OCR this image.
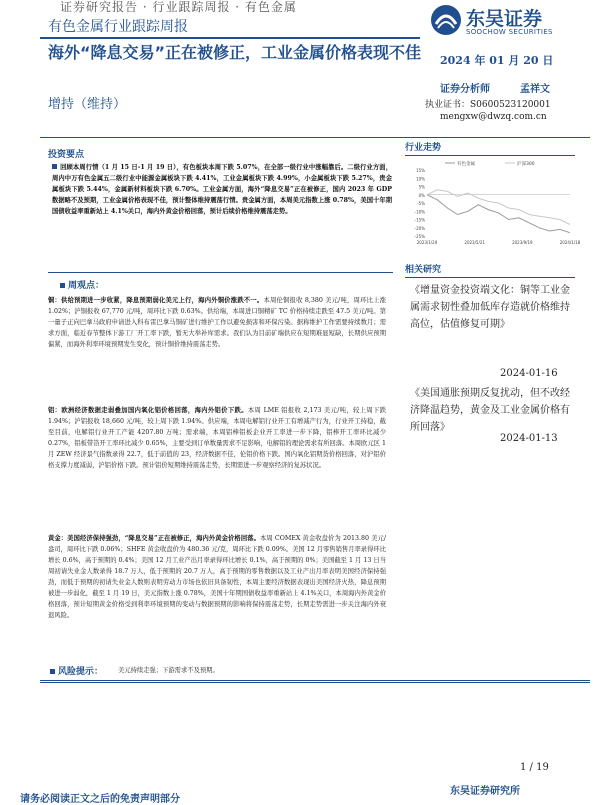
证券研究报告 · 行业跟踪周报 · 有色金属
东吴证券
SOOCHOW SECURITIES
有色金属行业跟踪周报
海外“降息交易”正在被修正，工业金属价格表现不佳	2024 年 01 月 20 日
增持（维持）
证券分析师	孟祥文
执业证书：S0600523120001
mengxw@dwzq.com.cn
投资要点
回顾本周行情（1 月 15 日-1 月 19 日），有色板块本周下跌 5.07%，在全部一级行业中涨幅靠后。二级行业方面，周内中万有色金属五二级行业中能源金属板块下跌 4.41%，工业金属板块下跌 4.99%，小金属板块下跌 5.27%，贵金属板块下跌 5.44%，金属新材料板块下跌 6.70%。工业金属方面，海外“降息交易”正在被修正，国内 2023 年 GDP 数据略不及预期，工业金属价格表现不佳，预计整体维持震荡行情。贵金属方面，本周美元指数上涨 0.78%，美国十年期国债收益率重新站上 4.1%关口，海内外黄金价格回落，预计后续价格维持震荡走势。
周观点：
铜：供给预期进一步收紧，降息预期弱化美元上行，海内外铜价涨跌不一。本周伦铜报收 8,380 美元/吨，周环比上涨 1.02%；沪铜报收 67,770 元/吨，周环比下跌 0.63%。供给端，本周进口铜精矿 TC 价格持续走跌至 47.5 美元/吨。第一量子正向巴拿马政府申请进入科布雷巴拿马铜矿进行维护工作以避免损害和环保污染。据称维护工作需要持续数月；需求方面，临近春节整体下游工厂开工率下跌，暂无大举补库需求。我们认为目前矿端供应在短期难显短缺，长期供应预期偏紧，而海外利率环境预期发生变化，预计铜价维持震荡走势。
铝：欧洲经济数据走弱叠加国内氧化铝价格回落，海内外铝价下跌。本周 LME 铝报收 2,173 美元/吨，较上周下跌 1.94%；沪铝报收 18,660 元/吨，较上周下跌 1.94%。供应端，本周电解铝行业开工有增减产行为，行业开工持稳，截至目前，电解铝行业开工产能 4207.80 万吨；需求端，本周铝棒铝板企业开工率进一步下降，铝棒开工率环比减少 0.27%，铝板带箔开工率环比减少 0.65%，主要受到订单数量需求不足影响，电解铝的理论需求有所回落。本周欧元区 1 月 ZEW 经济景气指数录得 22.7，低于前值的 23，经济数据不佳，伦铝价格下跌。国内氧化铝期货价格回落，对沪铝价格支撑力度减弱，沪铝价格下跌。预计铝价短期维持震荡走势，长期需进一步观察经济的复苏状况。
黄金：美国经济保持强劲，“降息交易”正在被修正，海内外黄金价格回落。本周 COMEX 黄金收盘价为 2013.80 美元/盎司，周环比下跌 0.06%；SHFE 黄金收盘价为 480.36 元/克，周环比下跌 0.09%。美国 12 月零售销售月率录得环比增长 0.6%，高于预期的 0.4%；美国 12 月工业产出月率录得环比增长 0.1%，高于预期的 0%；美国截至 1 月 13 日当周初请失业金人数录得 18.7 万人，低于预期的 20.7 万人，高于预期的零售数据以及工业产出月率表明美国经济保持强劲，而低于预期的初请失业金人数则表明劳动力市场也依旧具备韧性，本周主要经济数据表现出美国经济火热，降息预期被进一步弱化，截至 1 月 19 日，美元指数上涨 0.78%，美国十年期国债收益率重新站上 4.1%关口，本周海内外黄金价格回落，预计短期黄金价格受到利率环境预期的变动与数据预期的影响将保持震荡走势，长期走势需进一步关注海内外衰退风险。
风险提示： 美元持续走强；下游需求不及预期。
行业走势
15%
10%
5%
0%
-5%
-10%
-15%
-20%
-25%
2023/1/20	2023/5/21	2023/9/19	2024/1/18
有色金属	沪深300
相关研究
《增量资金投资端文化：铜等工业金属需求韧性叠加低库存造就价格维持高位，估值修复可期》
2024-01-16
《美国通胀预期反复扰动，但不改经济降温趋势，黄金及工业金属价格有所回落》
2024-01-13
1 / 19
东吴证券研究所
请务必阅读正文之后的免责声明部分
